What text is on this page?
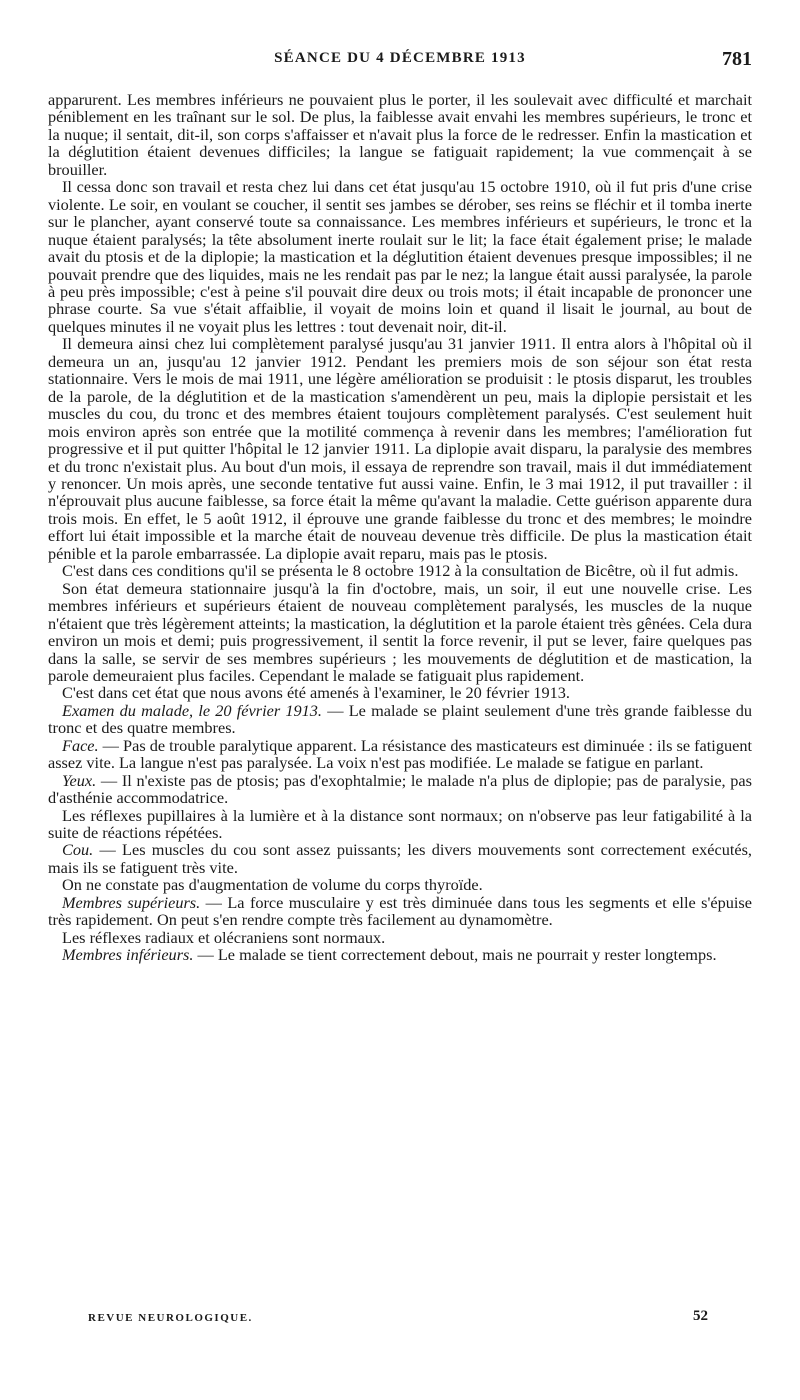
SÉANCE DU 4 DÉCEMBRE 1913	781

apparurent. Les membres inférieurs ne pouvaient plus le porter, il les soulevait avec difficulté et marchait péniblement en les traînant sur le sol. De plus, la faiblesse avait envahi les membres supérieurs, le tronc et la nuque; il sentait, dit-il, son corps s'affaisser et n'avait plus la force de le redresser. Enfin la mastication et la déglutition étaient devenues difficiles; la langue se fatiguait rapidement; la vue commençait à se brouiller.

Il cessa donc son travail et resta chez lui dans cet état jusqu'au 15 octobre 1910, où il fut pris d'une crise violente. Le soir, en voulant se coucher, il sentit ses jambes se dérober, ses reins se fléchir et il tomba inerte sur le plancher, ayant conservé toute sa connaissance. Les membres inférieurs et supérieurs, le tronc et la nuque étaient paralysés; la tête absolument inerte roulait sur le lit; la face était également prise; le malade avait du ptosis et de la diplopie; la mastication et la déglutition étaient devenues presque impossibles; il ne pouvait prendre que des liquides, mais ne les rendait pas par le nez; la langue était aussi paralysée, la parole à peu près impossible; c'est à peine s'il pouvait dire deux ou trois mots; il était incapable de prononcer une phrase courte. Sa vue s'était affaiblie, il voyait de moins loin et quand il lisait le journal, au bout de quelques minutes il ne voyait plus les lettres : tout devenait noir, dit-il.

Il demeura ainsi chez lui complètement paralysé jusqu'au 31 janvier 1911. Il entra alors à l'hôpital où il demeura un an, jusqu'au 12 janvier 1912. Pendant les premiers mois de son séjour son état resta stationnaire. Vers le mois de mai 1911, une légère amélioration se produisit : le ptosis disparut, les troubles de la parole, de la déglutition et de la mastication s'amendèrent un peu, mais la diplopie persistait et les muscles du cou, du tronc et des membres étaient toujours complètement paralysés. C'est seulement huit mois environ après son entrée que la motilité commença à revenir dans les membres; l'amélioration fut progressive et il put quitter l'hôpital le 12 janvier 1911. La diplopie avait disparu, la paralysie des membres et du tronc n'existait plus. Au bout d'un mois, il essaya de reprendre son travail, mais il dut immédiatement y renoncer. Un mois après, une seconde tentative fut aussi vaine. Enfin, le 3 mai 1912, il put travailler : il n'éprouvait plus aucune faiblesse, sa force était la même qu'avant la maladie. Cette guérison apparente dura trois mois. En effet, le 5 août 1912, il éprouve une grande faiblesse du tronc et des membres; le moindre effort lui était impossible et la marche était de nouveau devenue très difficile. De plus la mastication était pénible et la parole embarrassée. La diplopie avait reparu, mais pas le ptosis.

C'est dans ces conditions qu'il se présenta le 8 octobre 1912 à la consultation de Bicêtre, où il fut admis.

Son état demeura stationnaire jusqu'à la fin d'octobre, mais, un soir, il eut une nouvelle crise. Les membres inférieurs et supérieurs étaient de nouveau complètement paralysés, les muscles de la nuque n'étaient que très légèrement atteints; la mastication, la déglutition et la parole étaient très gênées. Cela dura environ un mois et demi; puis progressivement, il sentit la force revenir, il put se lever, faire quelques pas dans la salle, se servir de ses membres supérieurs ; les mouvements de déglutition et de mastication, la parole demeuraient plus faciles. Cependant le malade se fatiguait plus rapidement.

C'est dans cet état que nous avons été amenés à l'examiner, le 20 février 1913.

Examen du malade, le 20 février 1913. — Le malade se plaint seulement d'une très grande faiblesse du tronc et des quatre membres.

Face. — Pas de trouble paralytique apparent. La résistance des masticateurs est diminuée : ils se fatiguent assez vite. La langue n'est pas paralysée. La voix n'est pas modifiée. Le malade se fatigue en parlant.

Yeux. — Il n'existe pas de ptosis; pas d'exophtalmie; le malade n'a plus de diplopie; pas de paralysie, pas d'asthénie accommodatrice.

Les réflexes pupillaires à la lumière et à la distance sont normaux; on n'observe pas leur fatigabilité à la suite de réactions répétées.

Cou. — Les muscles du cou sont assez puissants; les divers mouvements sont correctement exécutés, mais ils se fatiguent très vite.

On ne constate pas d'augmentation de volume du corps thyroïde.

Membres supérieurs. — La force musculaire y est très diminuée dans tous les segments et elle s'épuise très rapidement. On peut s'en rendre compte très facilement au dynamomètre.

Les réflexes radiaux et olécraniens sont normaux.

Membres inférieurs. — Le malade se tient correctement debout, mais ne pourrait y rester longtemps.

REVUE NEUROLOGIQUE.	52
